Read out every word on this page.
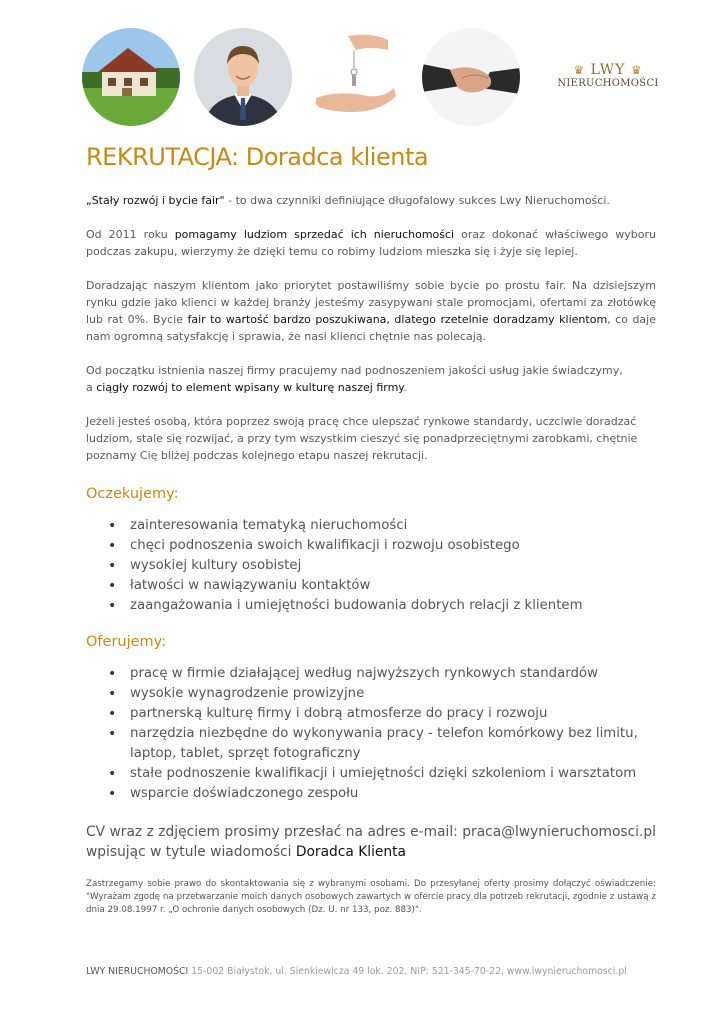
♛ LWY ♛
NIERUCHOMOŚCI
REKRUTACJA: Doradca klienta

„Stały rozwój i bycie fair" - to dwa czynniki definiujące długofalowy sukces Lwy Nieruchomości.

Od 2011 roku pomagamy ludziom sprzedać ich nieruchomości oraz dokonać właściwego wyboru podczas zakupu, wierzymy że dzięki temu co robimy ludziom mieszka się i żyje się lepiej.

Doradzając naszym klientom jako priorytet postawiliśmy sobie bycie po prostu fair. Na dzisiejszym rynku gdzie jako klienci w każdej branży jesteśmy zasypywani stale promocjami, ofertami za złotówkę lub rat 0%. Bycie fair to wartość bardzo poszukiwana, dlatego rzetelnie doradzamy klientom, co daje nam ogromną satysfakcję i sprawia, że nasi klienci chętnie nas polecają.

Od początku istnienia naszej firmy pracujemy nad podnoszeniem jakości usług jakie świadczymy,
a ciągły rozwój to element wpisany w kulturę naszej firmy.

Jeżeli jesteś osobą, która poprzez swoją pracę chce ulepszać rynkowe standardy, uczciwie doradzać ludziom, stale się rozwijać, a przy tym wszystkim cieszyć się ponadprzeciętnymi zarobkami, chętnie poznamy Cię bliżej podczas kolejnego etapu naszej rekrutacji.

Oczekujemy:
• zainteresowania tematyką nieruchomości
• chęci podnoszenia swoich kwalifikacji i rozwoju osobistego
• wysokiej kultury osobistej
• łatwości w nawiązywaniu kontaktów
• zaangażowania i umiejętności budowania dobrych relacji z klientem
Oferujemy:
• pracę w firmie działającej według najwyższych rynkowych standardów
• wysokie wynagrodzenie prowizyjne
• partnerską kulturę firmy i dobrą atmosferze do pracy i rozwoju
• narzędzia niezbędne do wykonywania pracy - telefon komórkowy bez limitu, laptop, tablet, sprzęt fotograficzny
• stałe podnoszenie kwalifikacji i umiejętności dzięki szkoleniom i warsztatom
• wsparcie doświadczonego zespołu

CV wraz z zdjęciem prosimy przesłać na adres e-mail: praca@lwynieruchomosci.pl wpisując w tytule wiadomości Doradca Klienta

Zastrzegamy sobie prawo do skontaktowania się z wybranymi osobami. Do przesyłanej oferty prosimy dołączyć oświadczenie: "Wyrażam zgodę na przetwarzanie moich danych osobowych zawartych w ofercie pracy dla potrzeb rekrutacji, zgodnie z ustawą z dnia 29.08.1997 r. „O ochronie danych osobowych (Dz. U. nr 133, poz. 883)".

LWY NIERUCHOMOŚCI 15-002 Białystok, ul. Sienkiewicza 49 lok. 202, NIP: 521-345-70-22, www.lwynieruchomosci.pl
